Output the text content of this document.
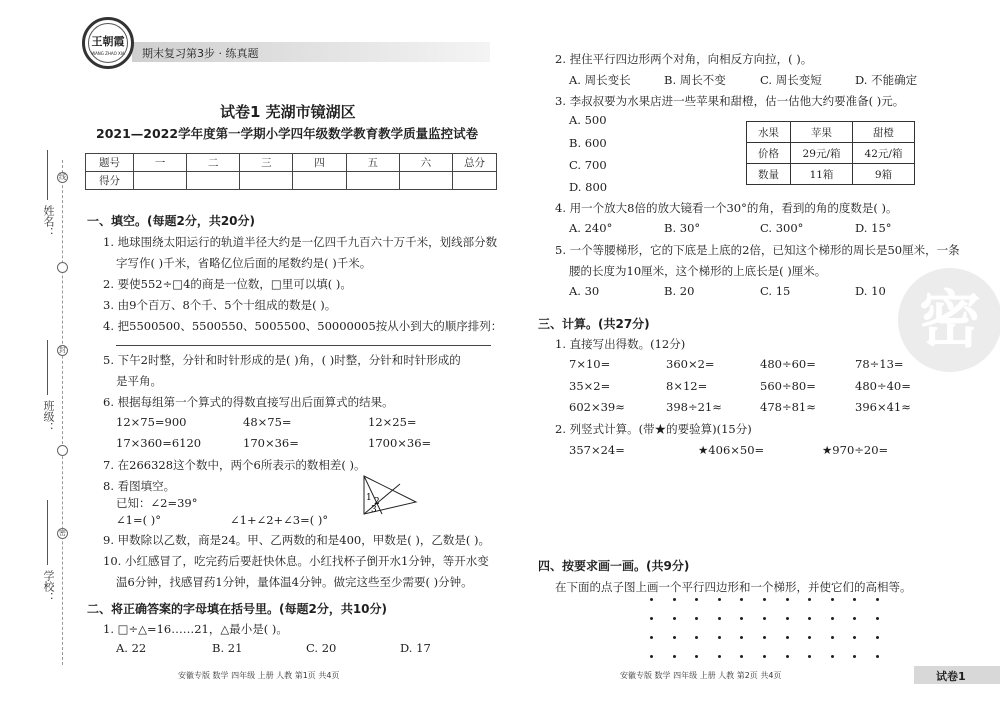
线
封
密
姓名：
班级：
学校：
期末复习第3步 · 练真题
王朝霞
WANG ZHAO XIA
试卷1 芜湖市镜湖区
2021—2022学年度第一学期小学四年级数学教育教学质量监控试卷
题号	一	二	三	四	五	六	总分
得分							
一、填空。(每题2分，共20分)
1. 地球围绕太阳运行的轨道半径大约是一亿四千九百六十万千米，划线部分数
字写作( )千米，省略亿位后面的尾数约是( )千米。
2. 要使552÷□4的商是一位数，□里可以填( )。
3. 由9个百万、8个千、5个十组成的数是( )。
4. 把5500500、5500550、5005500、50000005按从小到大的顺序排列：
5. 下午2时整，分针和时针形成的是( )角，( )时整，分针和时针形成的
是平角。
6. 根据每组第一个算式的得数直接写出后面算式的结果。
12×75=900	48×75=	12×25=
17×360=6120	170×36=	1700×36=
7. 在266328这个数中，两个6所表示的数相差( )。
8. 看图填空。
已知：∠2=39°
∠1=( )°	∠1+∠2+∠3=( )°
1 2
3
9. 甲数除以乙数，商是24。甲、乙两数的和是400，甲数是( )，乙数是( )。
10. 小红感冒了，吃完药后要赶快休息。小红找杯子倒开水1分钟，等开水变
温6分钟，找感冒药1分钟，量体温4分钟。做完这些至少需要( )分钟。
二、将正确答案的字母填在括号里。(每题2分，共10分)
1. □÷△=16……21，△最小是( )。
A. 22	B. 21	C. 20	D. 17
安徽专版 数学 四年级 上册 人教 第1页 共4页
2. 捏住平行四边形两个对角，向相反方向拉，( )。
A. 周长变长	B. 周长不变	C. 周长变短	D. 不能确定
3. 李叔叔要为水果店进一些苹果和甜橙，估一估他大约要准备( )元。
A. 500
B. 600
C. 700
D. 800
水果	苹果	甜橙
价格	29元/箱	42元/箱
数量	11箱	9箱
4. 用一个放大8倍的放大镜看一个30°的角，看到的角的度数是( )。
A. 240°	B. 30°	C. 300°	D. 15°
5. 一个等腰梯形，它的下底是上底的2倍，已知这个梯形的周长是50厘米，一条
腰的长度为10厘米，这个梯形的上底长是( )厘米。
A. 30	B. 20	C. 15	D. 10 密
三、计算。(共27分)
1. 直接写出得数。(12分)
7×10=	360×2=	480÷60=	78÷13=
35×2=	8×12=	560÷80=	480÷40=
602×39≈	398÷21≈	478÷81≈	396×41≈
2. 列竖式计算。(带★的要验算)(15分)
357×24=	★406×50=	★970÷20=
四、按要求画一画。(共9分)
在下面的点子图上画一个平行四边形和一个梯形，并使它们的高相等。
安徽专版 数学 四年级 上册 人教 第2页 共4页	试卷1
